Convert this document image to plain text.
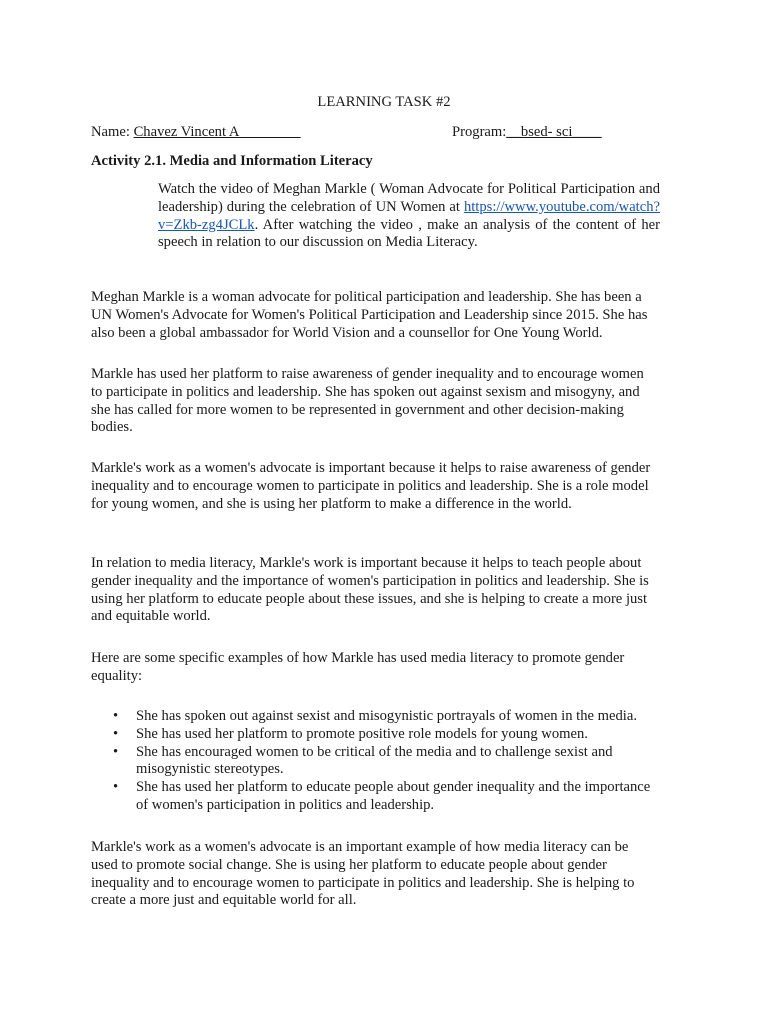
LEARNING TASK #2
Name: Chavez Vincent A	Program:__bsed- sci____
Activity 2.1. Media and Information Literacy
Watch the video of Meghan Markle ( Woman Advocate for Political Participation and leadership) during the celebration of UN Women at https://www.youtube.com/watch?v=Zkb-zg4JCLk. After watching the video , make an analysis of the content of her speech in relation to our discussion on Media Literacy.
Meghan Markle is a woman advocate for political participation and leadership. She has been a UN Women's Advocate for Women's Political Participation and Leadership since 2015. She has also been a global ambassador for World Vision and a counsellor for One Young World.
Markle has used her platform to raise awareness of gender inequality and to encourage women to participate in politics and leadership. She has spoken out against sexism and misogyny, and she has called for more women to be represented in government and other decision-making bodies.
Markle's work as a women's advocate is important because it helps to raise awareness of gender inequality and to encourage women to participate in politics and leadership. She is a role model for young women, and she is using her platform to make a difference in the world.
In relation to media literacy, Markle's work is important because it helps to teach people about gender inequality and the importance of women's participation in politics and leadership. She is using her platform to educate people about these issues, and she is helping to create a more just and equitable world.
Here are some specific examples of how Markle has used media literacy to promote gender equality:
• She has spoken out against sexist and misogynistic portrayals of women in the media.
• She has used her platform to promote positive role models for young women.
• She has encouraged women to be critical of the media and to challenge sexist and misogynistic stereotypes.
• She has used her platform to educate people about gender inequality and the importance of women's participation in politics and leadership.
Markle's work as a women's advocate is an important example of how media literacy can be used to promote social change. She is using her platform to educate people about gender inequality and to encourage women to participate in politics and leadership. She is helping to create a more just and equitable world for all.
